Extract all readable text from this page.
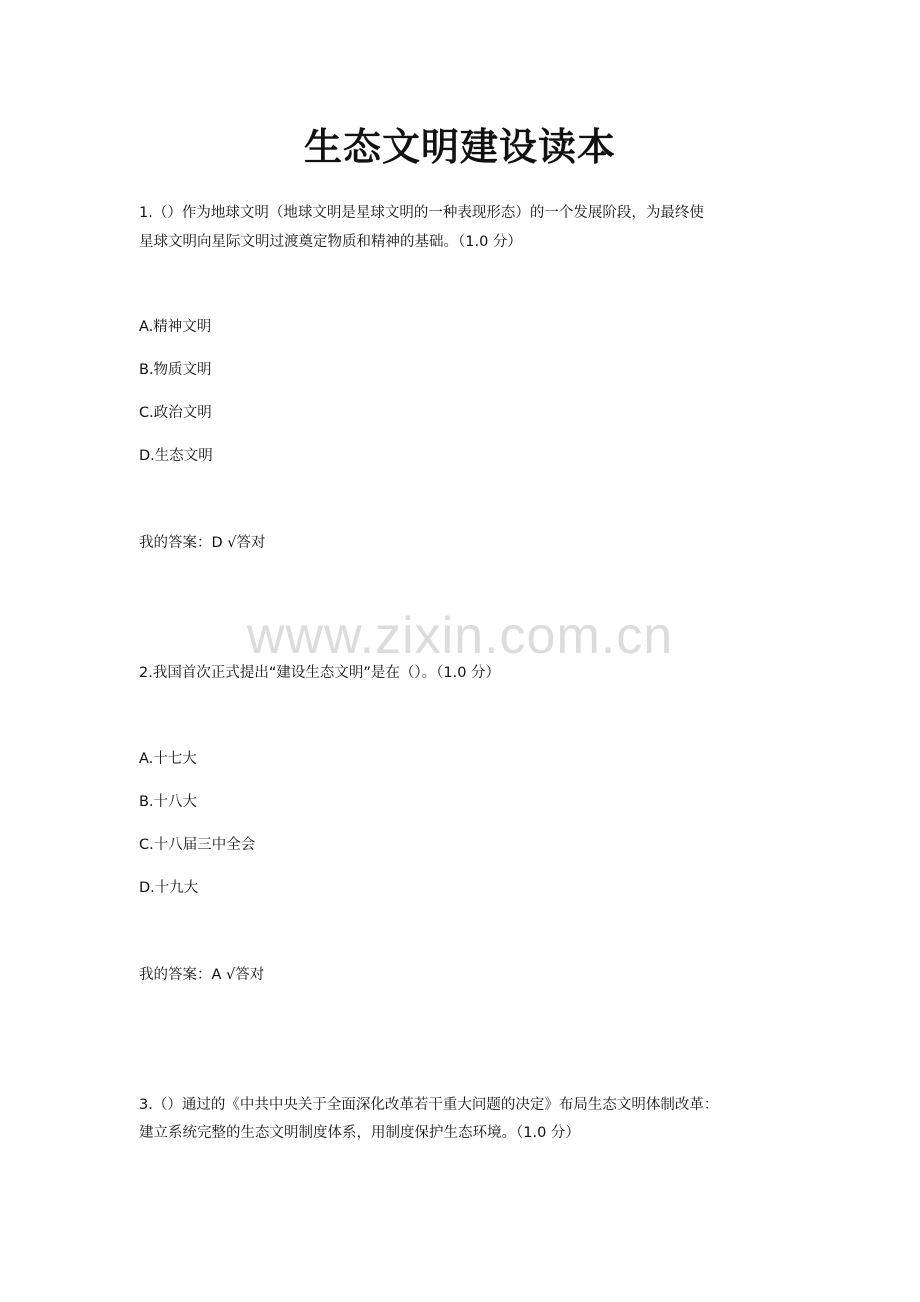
生态文明建设读本
1.（）作为地球文明（地球文明是星球文明的一种表现形态）的一个发展阶段，为最终使
星球文明向星际文明过渡奠定物质和精神的基础。（1.0 分）
A.精神文明
B.物质文明
C.政治文明
D.生态文明
我的答案：D √答对
www.zixin.com.cn
2.我国首次正式提出“建设生态文明”是在（）。（1.0 分）
A.十七大
B.十八大
C.十八届三中全会
D.十九大
我的答案：A √答对
3.（）通过的《中共中央关于全面深化改革若干重大问题的决定》布局生态文明体制改革：
建立系统完整的生态文明制度体系，用制度保护生态环境。（1.0 分）
